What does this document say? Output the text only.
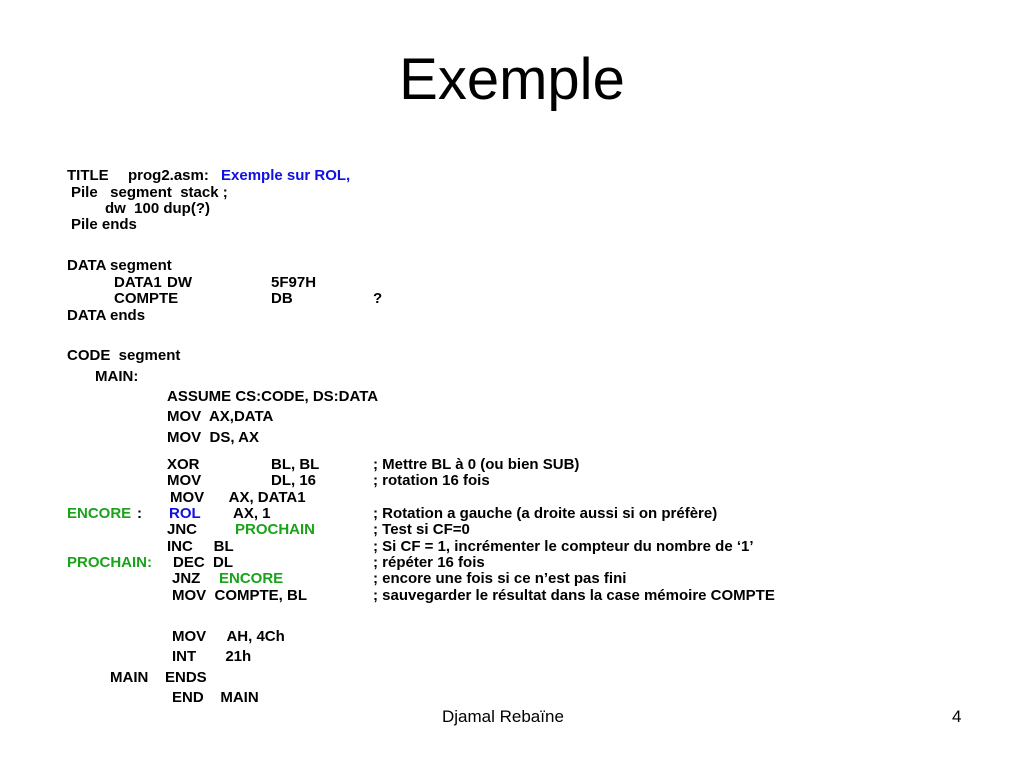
Exemple
TITLE prog2.asm: Exemple sur ROL,
Pile   segment  stack ;
dw  100 dup(?)
Pile ends
DATA segment
DATA1 DW	5F97H
COMPTE	DB	?
DATA ends
CODE  segment
MAIN:
ASSUME CS:CODE, DS:DATA
MOV  AX,DATA
MOV  DS, AX
XOR	BL, BL	; Mettre BL à 0 (ou bien SUB)
MOV	DL, 16	; rotation 16 fois
MOV      AX, DATA1
ENCORE : ROL AX, 1	; Rotation a gauche (a droite aussi si on préfère)
JNC	PROCHAIN	; Test si CF=0
INC     BL	; Si CF = 1, incrémenter le compteur du nombre de ‘1’
PROCHAIN: DEC  DL	; répéter 16 fois
JNZ ENCORE	; encore une fois si ce n’est pas fini
MOV  COMPTE, BL	; sauvegarder le résultat dans la case mémoire COMPTE
MOV     AH, 4Ch
INT       21h
MAIN    ENDS
END    MAIN
Djamal Rebaïne	4
